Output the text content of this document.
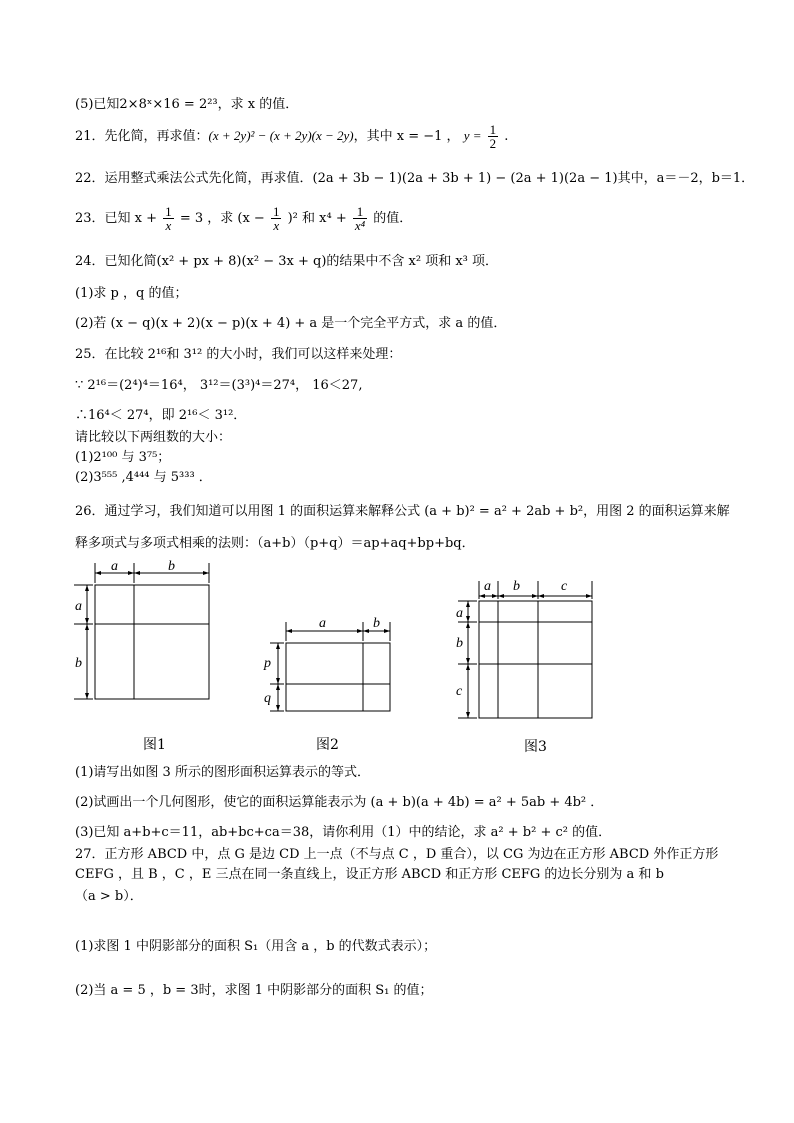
(5)已知2×8ˣ×16 = 2²³，求 x 的值．
21．先化简，再求值：(x + 2y)² − (x + 2y)(x − 2y)，其中 x = −1 ， $y = \frac{1}{2}$ .
22．运用整式乘法公式先化简，再求值．(2a + 3b − 1)(2a + 3b + 1) − (2a + 1)(2a − 1)其中，a＝－2，b＝1．
23．已知 $x + \frac{1}{x} = 3$ ，求 $(x - \frac{1}{x} )^2$ 和 $x^4 + \frac{1}{\text{x⁴}}$ 的值．
24．已知化简(x² + px + 8)(x² − 3x + q)的结果中不含 x² 项和 x³ 项．
(1)求 p ，q 的值；
(2)若 (x − q)(x + 2)(x − p)(x + 4) + a 是一个完全平方式，求 a 的值．
25．在比较 2¹⁶和 3¹² 的大小时，我们可以这样来处理：
∵ 2¹⁶＝(2⁴)⁴＝16⁴， 3¹²＝(3³)⁴＝27⁴， 16＜27,
∴16⁴＜ 27⁴，即 2¹⁶＜ 3¹²．
请比较以下两组数的大小：
(1)2¹⁰⁰ 与 3⁷⁵；
(2)3⁵⁵⁵ ,4⁴⁴⁴ 与 5³³³ ．
26．通过学习，我们知道可以用图 1 的面积运算来解释公式 (a + b)² = a² + 2ab + b²，用图 2 的面积运算来解
释多项式与多项式相乘的法则：（a+b）（p+q）＝ap+aq+bp+bq．
a	b
a
b
图1
a	b
p
q
图2
a b	c
a
b
c
图3
(1)请写出如图 3 所示的图形面积运算表示的等式．
(2)试画出一个几何图形，使它的面积运算能表示为 (a + b)(a + 4b) = a² + 5ab + 4b² ．
(3)已知 a+b+c＝11，ab+bc+ca＝38，请你利用（1）中的结论，求 a² + b² + c² 的值．
27．正方形 ABCD 中，点 G 是边 CD 上一点（不与点 C ，D 重合），以 CG 为边在正方形 ABCD 外作正方形
CEFG ，且 B ，C ，E 三点在同一条直线上，设正方形 ABCD 和正方形 CEFG 的边长分别为 a 和 b
（a > b）．
(1)求图 1 中阴影部分的面积 S₁（用含 a ，b 的代数式表示）；
(2)当 a = 5 ，b = 3时，求图 1 中阴影部分的面积 S₁ 的值；
